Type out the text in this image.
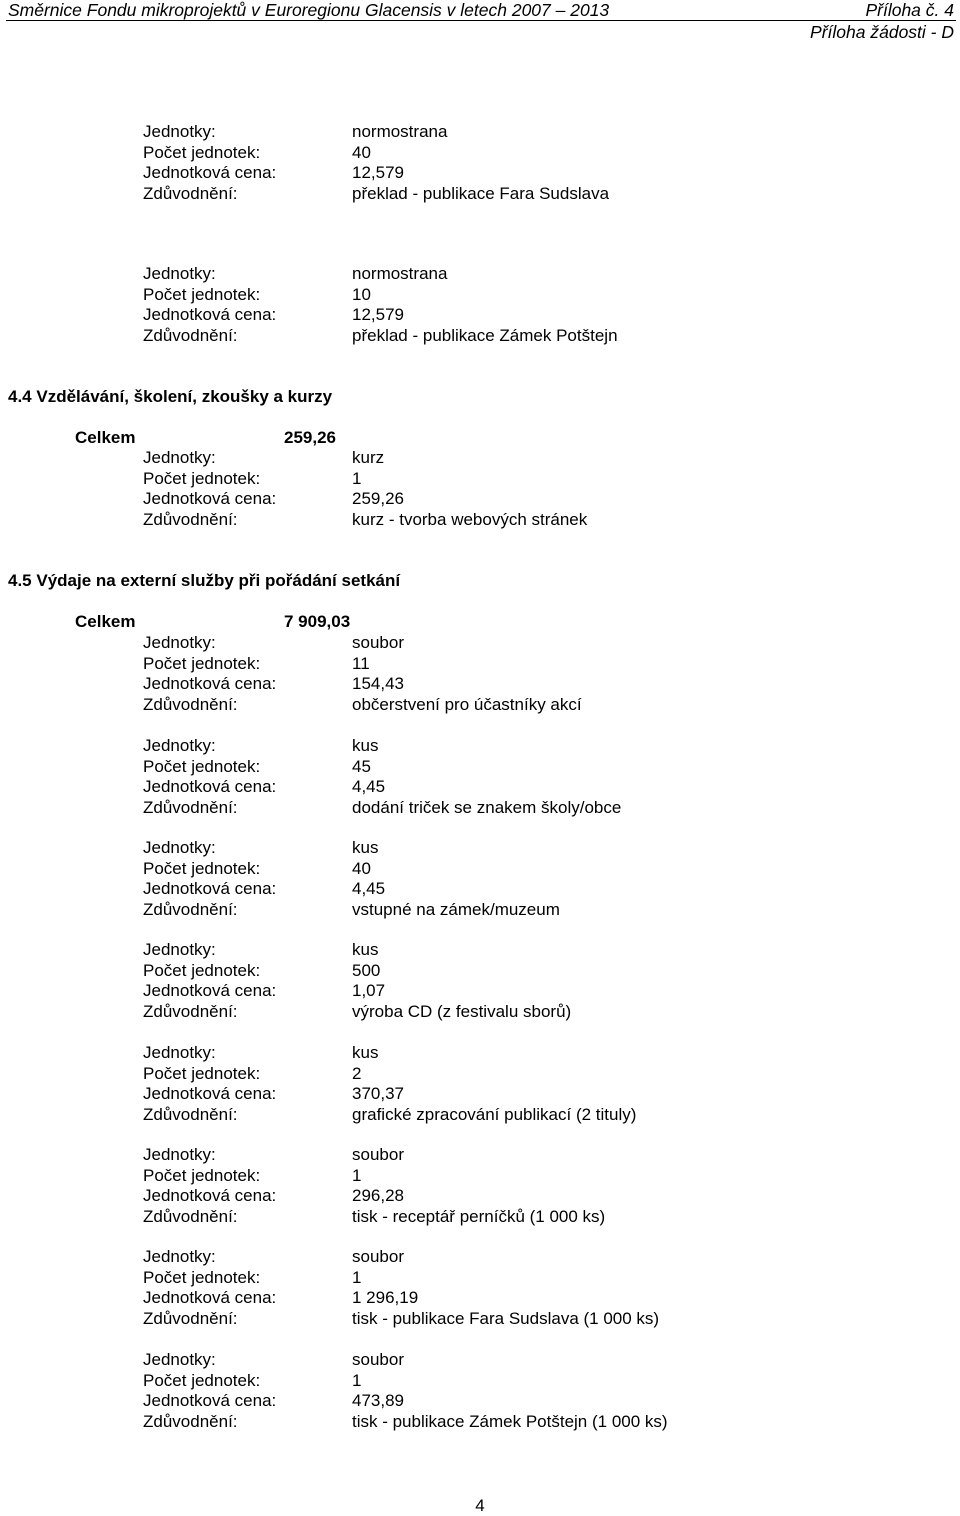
Směrnice Fondu mikroprojektů v Euroregionu Glacensis v letech 2007 – 2013	Příloha č. 4
Příloha žádosti - D
Jednotky:	normostrana
Počet jednotek:	40
Jednotková cena:	12,579
Zdůvodnění:	překlad - publikace Fara Sudslava
Jednotky:	normostrana
Počet jednotek:	10
Jednotková cena:	12,579
Zdůvodnění:	překlad - publikace Zámek Potštejn
4.4 Vzdělávání, školení, zkoušky a kurzy
Celkem	259,26
Jednotky:	kurz
Počet jednotek:	1
Jednotková cena:	259,26
Zdůvodnění:	kurz - tvorba webových stránek
4.5 Výdaje na externí služby při pořádání setkání
Celkem	7 909,03
Jednotky:	soubor
Počet jednotek:	11
Jednotková cena:	154,43
Zdůvodnění:	občerstvení pro účastníky akcí
Jednotky:	kus
Počet jednotek:	45
Jednotková cena:	4,45
Zdůvodnění:	dodání triček se znakem školy/obce
Jednotky:	kus
Počet jednotek:	40
Jednotková cena:	4,45
Zdůvodnění:	vstupné na zámek/muzeum
Jednotky:	kus
Počet jednotek:	500
Jednotková cena:	1,07
Zdůvodnění:	výroba CD (z festivalu sborů)
Jednotky:	kus
Počet jednotek:	2
Jednotková cena:	370,37
Zdůvodnění:	grafické zpracování publikací (2 tituly)
Jednotky:	soubor
Počet jednotek:	1
Jednotková cena:	296,28
Zdůvodnění:	tisk - receptář perníčků (1 000 ks)
Jednotky:	soubor
Počet jednotek:	1
Jednotková cena:	1 296,19
Zdůvodnění:	tisk - publikace Fara Sudslava (1 000 ks)
Jednotky:	soubor
Počet jednotek:	1
Jednotková cena:	473,89
Zdůvodnění:	tisk - publikace Zámek Potštejn (1 000 ks)
4
